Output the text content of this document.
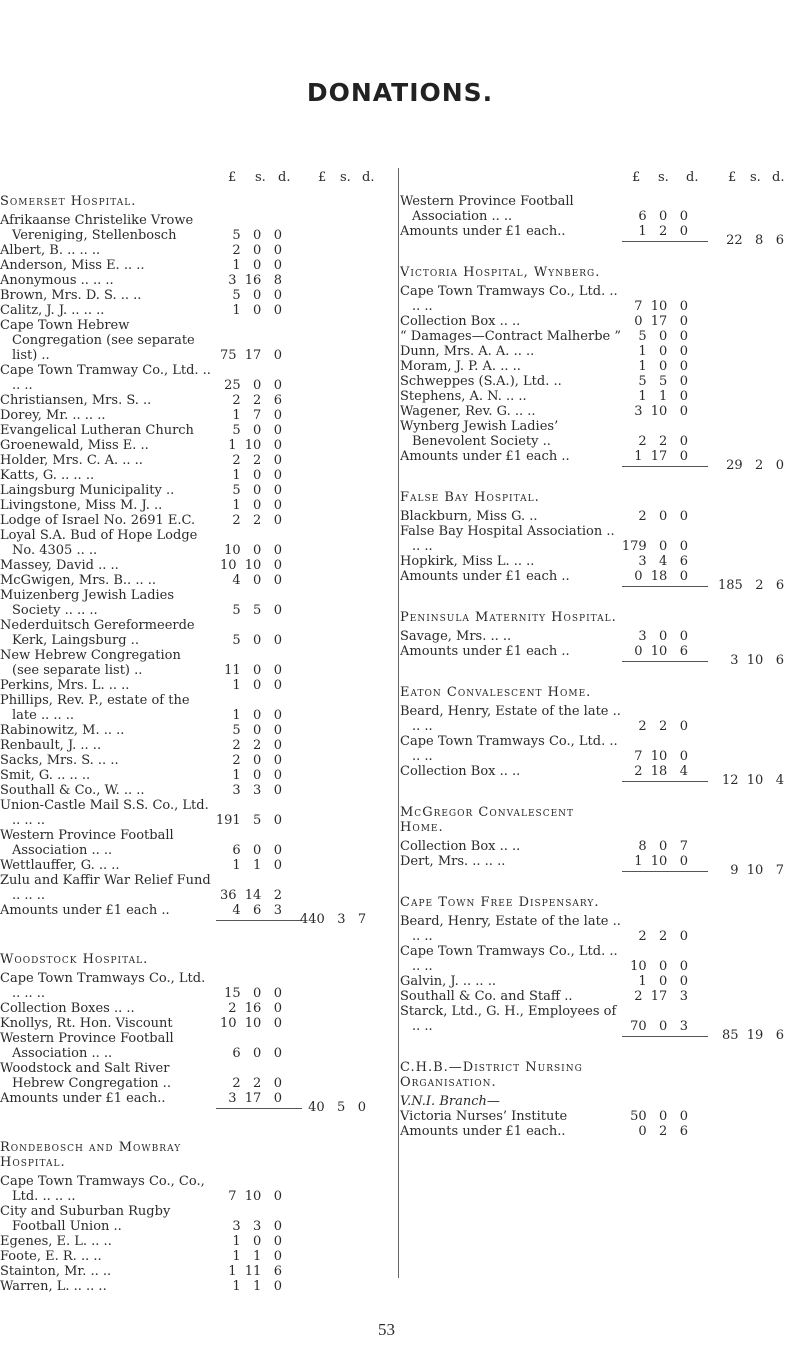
DONATIONS.
£ s. d. £ s. d.
Somerset Hospital.
Afrikaanse Christelike Vrowe Vereniging, Stellenbosch	5   0   0
Albert, B. .. .. ..	2   0   0
Anderson, Miss E. .. ..	1   0   0
Anonymous .. .. ..	3  16   8
Brown, Mrs. D. S. .. ..	5   0   0
Calitz, J. J. .. .. ..	1   0   0
Cape Town Hebrew Congregation (see separate list) ..	75  17   0
Cape Town Tramway Co., Ltd. .. .. ..	25   0   0
Christiansen, Mrs. S. ..	2   2   6
Dorey, Mr. .. .. ..	1   7   0
Evangelical Lutheran Church	5   0   0
Groenewald, Miss E. ..	1  10   0
Holder, Mrs. C. A. .. ..	2   2   0
Katts, G. .. .. ..	1   0   0
Laingsburg Municipality ..	5   0   0
Livingstone, Miss M. J. ..	1   0   0
Lodge of Israel No. 2691 E.C.	2   2   0
Loyal S.A. Bud of Hope Lodge No. 4305 .. ..	10   0   0
Massey, David .. ..	10  10   0
McGwigen, Mrs. B.. .. ..	4   0   0
Muizenberg Jewish Ladies Society .. .. ..	5   5   0
Nederduitsch Gereformeerde Kerk, Laingsburg ..	5   0   0
New Hebrew Congregation (see separate list) ..	11   0   0
Perkins, Mrs. L. .. ..	1   0   0
Phillips, Rev. P., estate of the late .. .. ..	1   0   0
Rabinowitz, M. .. ..	5   0   0
Renbault, J. .. ..	2   2   0
Sacks, Mrs. S. .. ..	2   0   0
Smit, G. .. .. ..	1   0   0
Southall & Co., W. .. ..	3   3   0
Union-Castle Mail S.S. Co., Ltd. .. .. ..	191   5   0
Western Province Football Association .. ..	6   0   0
Wettlauffer, G. .. ..	1   1   0
Zulu and Kaffir War Relief Fund .. .. ..	36  14   2
Amounts under £1 each ..	4   6   3
440   3   7
Woodstock Hospital.
Cape Town Tramways Co., Ltd. .. .. ..	15   0   0
Collection Boxes .. ..	2  16   0
Knollys, Rt. Hon. Viscount	10  10   0
Western Province Football Association .. ..	6   0   0
Woodstock and Salt River Hebrew Congregation ..	2   2   0
Amounts under £1 each..	3  17   0
40   5   0
Rondebosch and Mowbray Hospital.
Cape Town Tramways Co., Co., Ltd. .. .. ..	7  10   0
City and Suburban Rugby Football Union ..	3   3   0
Egenes, E. L. .. ..	1   0   0
Foote, E. R. .. ..	1   1   0
Stainton, Mr. .. ..	1  11   6
Warren, L. .. .. ..	1   1   0
£ s. d. £ s. d.
Western Province Football Association .. ..	6   0   0
Amounts under £1 each..	1   2   0
22   8   6
Victoria Hospital, Wynberg.
Cape Town Tramways Co., Ltd. .. .. ..	7  10   0
Collection Box .. ..	0  17   0
“ Damages—Contract Malherbe ”	5   0   0
Dunn, Mrs. A. A. .. ..	1   0   0
Moram, J. P. A. .. ..	1   0   0
Schweppes (S.A.), Ltd. ..	5   5   0
Stephens, A. N. .. ..	1   1   0
Wagener, Rev. G. .. ..	3  10   0
Wynberg Jewish Ladies’ Benevolent Society ..	2   2   0
Amounts under £1 each ..	1  17   0
29   2   0
False Bay Hospital.
Blackburn, Miss G. ..	2   0   0
False Bay Hospital Association .. .. ..	179   0   0
Hopkirk, Miss L. .. ..	3   4   6
Amounts under £1 each ..	0  18   0
185   2   6
Peninsula Maternity Hospital.
Savage, Mrs. .. ..	3   0   0
Amounts under £1 each ..	0  10   6
3  10   6
Eaton Convalescent Home.
Beard, Henry, Estate of the late .. .. ..	2   2   0
Cape Town Tramways Co., Ltd. .. .. ..	7  10   0
Collection Box .. ..	2  18   4
12  10   4
McGregor Convalescent Home.
Collection Box .. ..	8   0   7
Dert, Mrs. .. .. ..	1  10   0
9  10   7
Cape Town Free Dispensary.
Beard, Henry, Estate of the late .. .. ..	2   2   0
Cape Town Tramways Co., Ltd. .. .. ..	10   0   0
Galvin, J. .. .. ..	1   0   0
Southall & Co. and Staff ..	2  17   3
Starck, Ltd., G. H., Employees of .. ..	70   0   3
85  19   6
C.H.B.—District Nursing Organisation.
V.N.I. Branch—
Victoria Nurses’ Institute	50   0   0
Amounts under £1 each..	0   2   6
53
